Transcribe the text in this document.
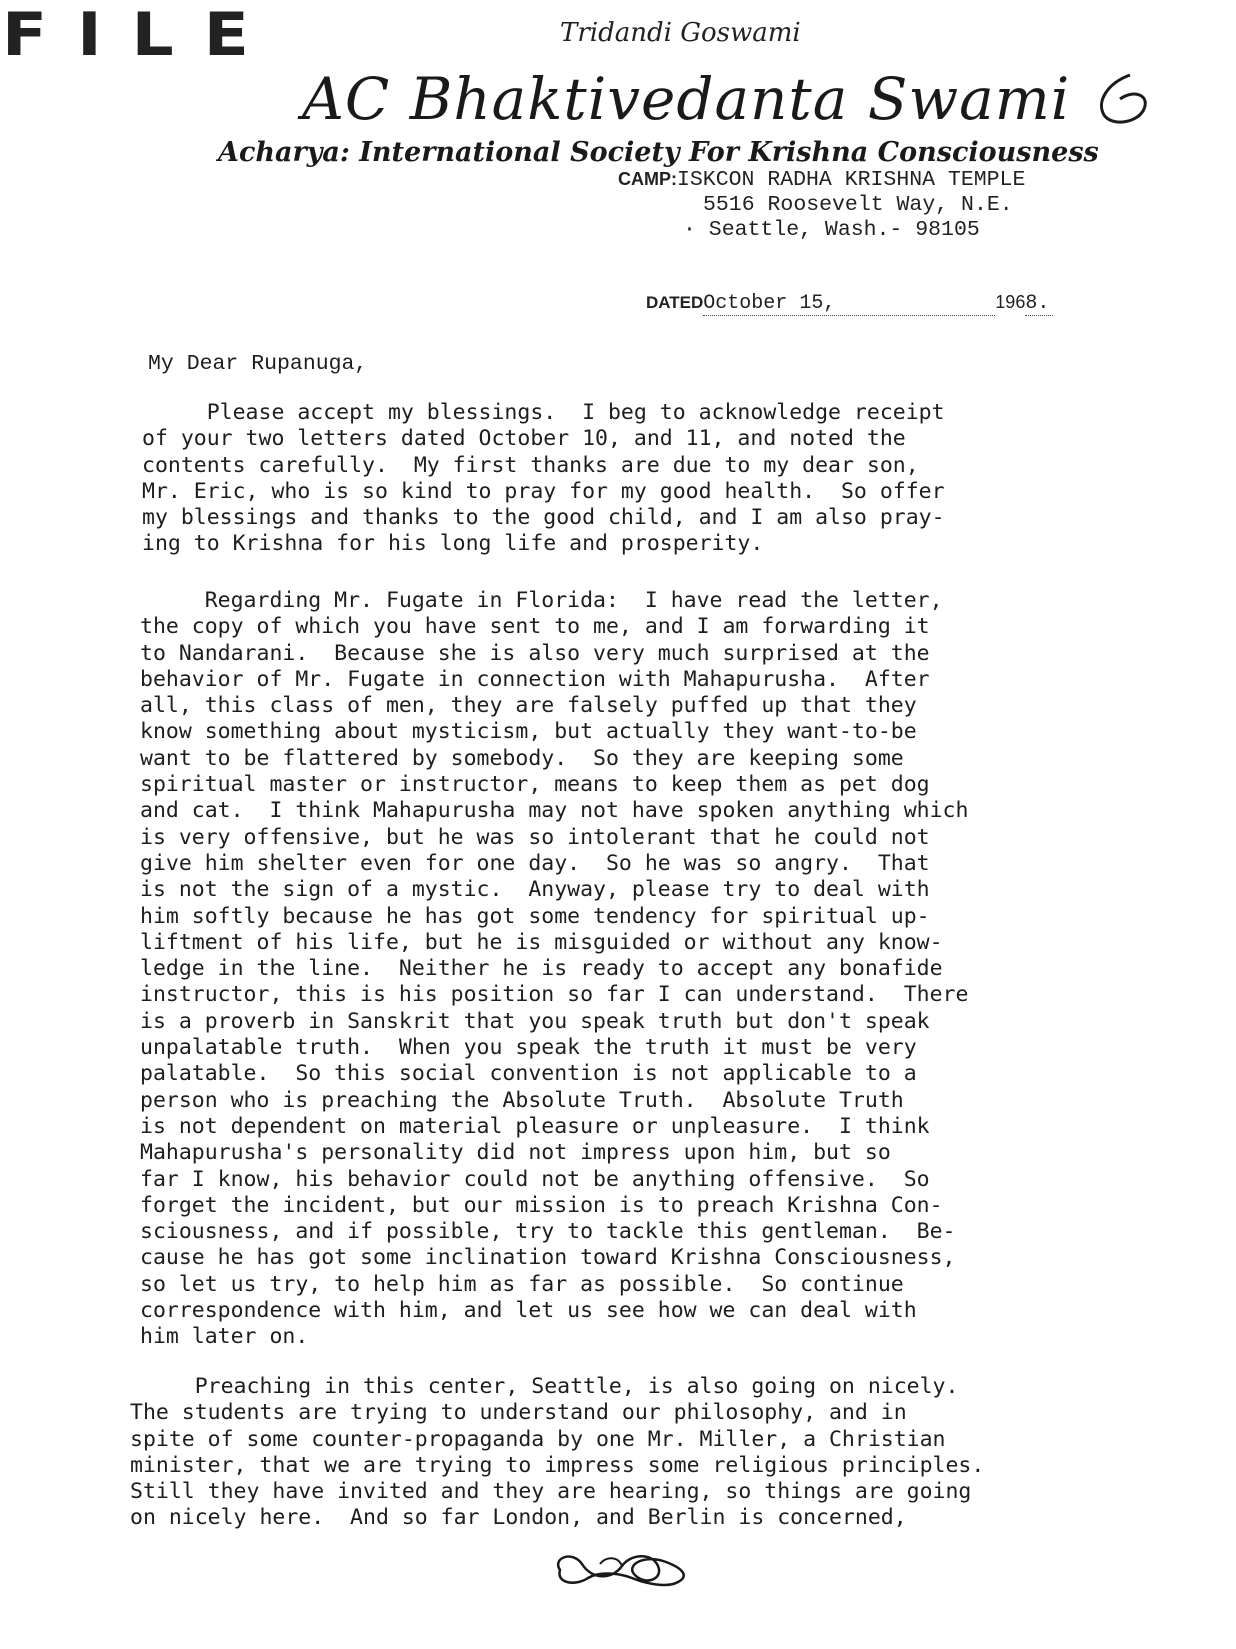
FILE	Tridandi Goswami
AC Bhaktivedanta Swami
Acharya: International Society For Krishna Consciousness
CAMP:ISKCON RADHA KRISHNA TEMPLE
5516 Roosevelt Way, N.E.
· Seattle, Wash.- 98105
DATEDOctober 15,	1968.
My Dear Rupanuga,
Please accept my blessings.  I beg to acknowledge receipt
of your two letters dated October 10, and 11, and noted the
contents carefully.  My first thanks are due to my dear son,
Mr. Eric, who is so kind to pray for my good health.  So offer
my blessings and thanks to the good child, and I am also pray-
ing to Krishna for his long life and prosperity.
Regarding Mr. Fugate in Florida:  I have read the letter,
the copy of which you have sent to me, and I am forwarding it
to Nandarani.  Because she is also very much surprised at the
behavior of Mr. Fugate in connection with Mahapurusha.  After
all, this class of men, they are falsely puffed up that they
know something about mysticism, but actually they want-to-be
want to be flattered by somebody.  So they are keeping some
spiritual master or instructor, means to keep them as pet dog
and cat.  I think Mahapurusha may not have spoken anything which
is very offensive, but he was so intolerant that he could not
give him shelter even for one day.  So he was so angry.  That
is not the sign of a mystic.  Anyway, please try to deal with
him softly because he has got some tendency for spiritual up-
liftment of his life, but he is misguided or without any know-
ledge in the line.  Neither he is ready to accept any bonafide
instructor, this is his position so far I can understand.  There
is a proverb in Sanskrit that you speak truth but don't speak
unpalatable truth.  When you speak the truth it must be very
palatable.  So this social convention is not applicable to a
person who is preaching the Absolute Truth.  Absolute Truth
is not dependent on material pleasure or unpleasure.  I think
Mahapurusha's personality did not impress upon him, but so
far I know, his behavior could not be anything offensive.  So
forget the incident, but our mission is to preach Krishna Con-
sciousness, and if possible, try to tackle this gentleman.  Be-
cause he has got some inclination toward Krishna Consciousness,
so let us try, to help him as far as possible.  So continue
correspondence with him, and let us see how we can deal with
him later on.
Preaching in this center, Seattle, is also going on nicely.
The students are trying to understand our philosophy, and in
spite of some counter-propaganda by one Mr. Miller, a Christian
minister, that we are trying to impress some religious principles.
Still they have invited and they are hearing, so things are going
on nicely here.  And so far London, and Berlin is concerned,
